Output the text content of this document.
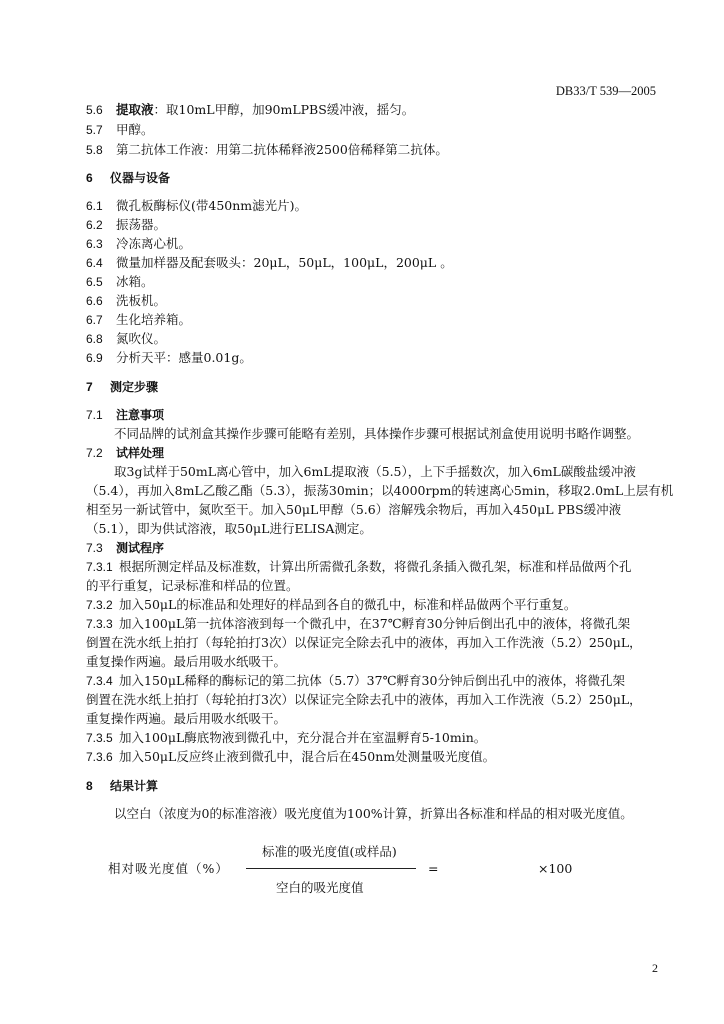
DB33/T 539—2005
5.6 提取液：取10mL甲醇，加90mLPBS缓冲液，摇匀。
5.7 甲醇。
5.8 第二抗体工作液：用第二抗体稀释液2500倍稀释第二抗体。
6 仪器与设备
6.1 微孔板酶标仪(带450nm滤光片)。
6.2 振荡器。
6.3 冷冻离心机。
6.4 微量加样器及配套吸头：20μL，50μL，100μL，200μL 。
6.5 冰箱。
6.6 洗板机。
6.7 生化培养箱。
6.8 氮吹仪。
6.9 分析天平：感量0.01g。
7 测定步骤
7.1 注意事项
不同品牌的试剂盒其操作步骤可能略有差别，具体操作步骤可根据试剂盒使用说明书略作调整。
7.2 试样处理
取3g试样于50mL离心管中，加入6mL提取液（5.5），上下手摇数次，加入6mL碳酸盐缓冲液
（5.4），再加入8mL乙酸乙酯（5.3），振荡30min；以4000rpm的转速离心5min，移取2.0mL上层有机
相至另一新试管中，氮吹至干。加入50μL甲醇（5.6）溶解残余物后，再加入450μL PBS缓冲液
（5.1），即为供试溶液，取50μL进行ELISA测定。
7.3 测试程序
7.3.1 根据所测定样品及标准数，计算出所需微孔条数，将微孔条插入微孔架，标准和样品做两个孔
的平行重复，记录标准和样品的位置。
7.3.2 加入50μL的标准品和处理好的样品到各自的微孔中，标准和样品做两个平行重复。
7.3.3 加入100μL第一抗体溶液到每一个微孔中，在37℃孵育30分钟后倒出孔中的液体，将微孔架
倒置在洗水纸上拍打（每轮拍打3次）以保证完全除去孔中的液体，再加入工作洗液（5.2）250μL，
重复操作两遍。最后用吸水纸吸干。
7.3.4 加入150μL稀释的酶标记的第二抗体（5.7）37℃孵育30分钟后倒出孔中的液体，将微孔架
倒置在洗水纸上拍打（每轮拍打3次）以保证完全除去孔中的液体，再加入工作洗液（5.2）250μL，
重复操作两遍。最后用吸水纸吸干。
7.3.5 加入100μL酶底物液到微孔中，充分混合并在室温孵育5-10min。
7.3.6 加入50μL反应终止液到微孔中，混合后在450nm处测量吸光度值。
8 结果计算
以空白（浓度为0的标准溶液）吸光度值为100%计算，折算出各标准和样品的相对吸光度值。
标准的吸光度值(或样品)
相对吸光度值（%）	=	×100
空白的吸光度值
2
